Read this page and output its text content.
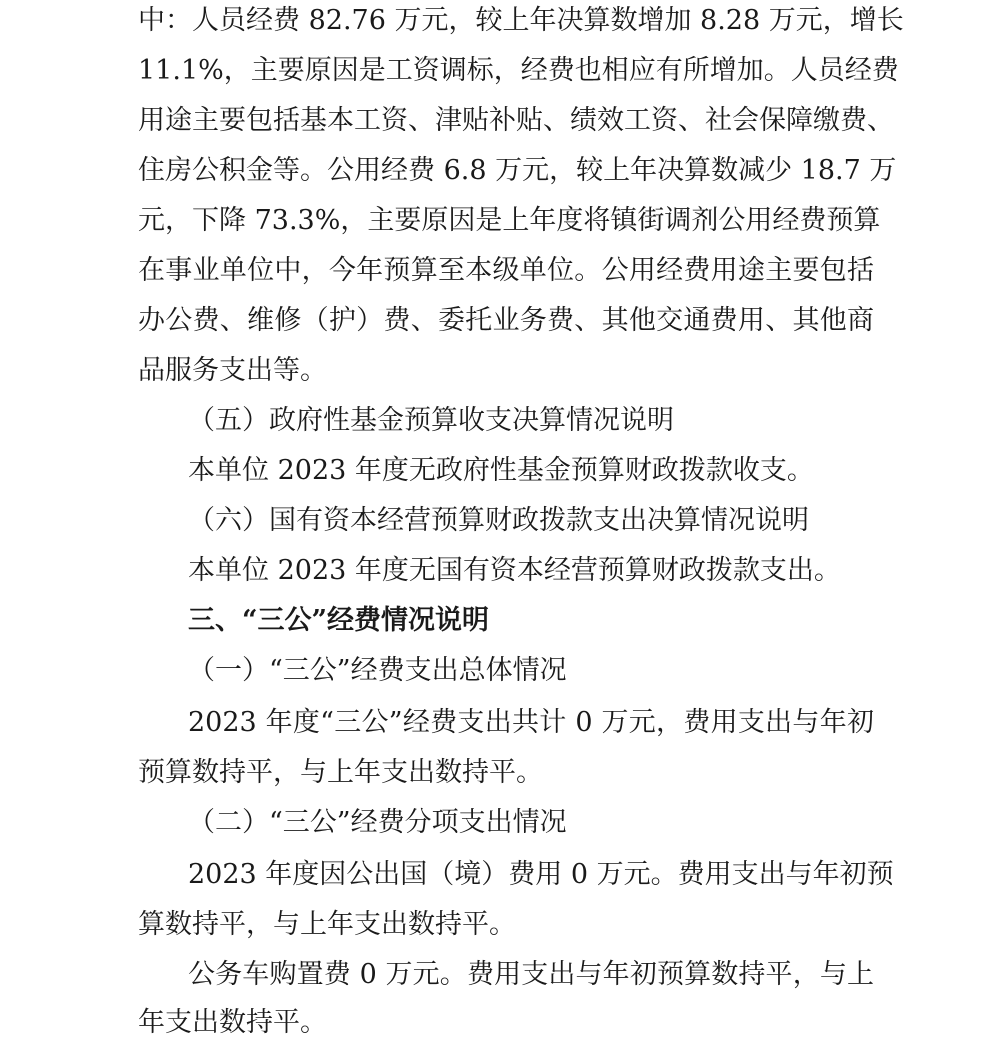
中：人员经费 82.76 万元，较上年决算数增加 8.28 万元，增长
11.1%，主要原因是工资调标，经费也相应有所增加。人员经费
用途主要包括基本工资、津贴补贴、绩效工资、社会保障缴费、
住房公积金等。公用经费 6.8 万元，较上年决算数减少 18.7 万
元，下降 73.3%，主要原因是上年度将镇街调剂公用经费预算
在事业单位中，今年预算至本级单位。公用经费用途主要包括
办公费、维修（护）费、委托业务费、其他交通费用、其他商
品服务支出等。
（五）政府性基金预算收支决算情况说明
本单位 2023 年度无政府性基金预算财政拨款收支。
（六）国有资本经营预算财政拨款支出决算情况说明
本单位 2023 年度无国有资本经营预算财政拨款支出。
三、“三公”经费情况说明
（一）“三公”经费支出总体情况
2023 年度“三公”经费支出共计 0 万元，费用支出与年初
预算数持平，与上年支出数持平。
（二）“三公”经费分项支出情况
2023 年度因公出国（境）费用 0 万元。费用支出与年初预
算数持平，与上年支出数持平。
公务车购置费 0 万元。费用支出与年初预算数持平，与上
年支出数持平。
